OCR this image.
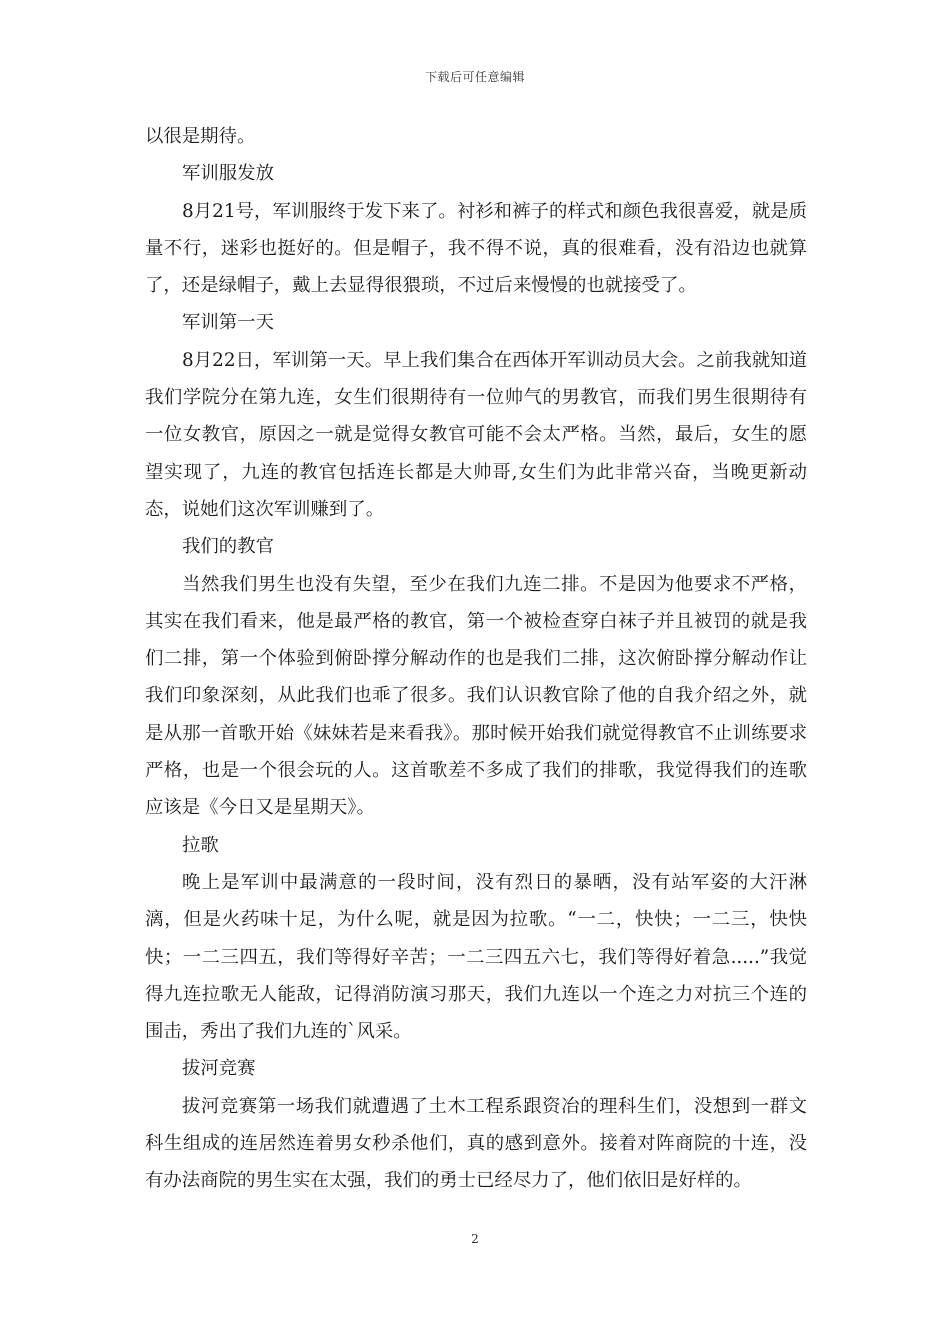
下载后可任意编辑

以很是期待。

军训服发放

8月21号，军训服终于发下来了。衬衫和裤子的样式和颜色我很喜爱，就是质量不行，迷彩也挺好的。但是帽子，我不得不说，真的很难看，没有沿边也就算了，还是绿帽子，戴上去显得很猥琐，不过后来慢慢的也就接受了。

军训第一天

8月22日，军训第一天。早上我们集合在西体开军训动员大会。之前我就知道我们学院分在第九连，女生们很期待有一位帅气的男教官，而我们男生很期待有一位女教官，原因之一就是觉得女教官可能不会太严格。当然，最后，女生的愿望实现了，九连的教官包括连长都是大帅哥,女生们为此非常兴奋，当晚更新动态，说她们这次军训赚到了。

我们的教官

当然我们男生也没有失望，至少在我们九连二排。不是因为他要求不严格，其实在我们看来，他是最严格的教官，第一个被检查穿白袜子并且被罚的就是我们二排，第一个体验到俯卧撑分解动作的也是我们二排，这次俯卧撑分解动作让我们印象深刻，从此我们也乖了很多。我们认识教官除了他的自我介绍之外，就是从那一首歌开始《妹妹若是来看我》。那时候开始我们就觉得教官不止训练要求严格，也是一个很会玩的人。这首歌差不多成了我们的排歌，我觉得我们的连歌应该是《今日又是星期天》。

拉歌

晚上是军训中最满意的一段时间，没有烈日的暴晒，没有站军姿的大汗淋漓，但是火药味十足，为什么呢，就是因为拉歌。“一二，快快；一二三，快快快；一二三四五，我们等得好辛苦；一二三四五六七，我们等得好着急.....”我觉得九连拉歌无人能敌，记得消防演习那天，我们九连以一个连之力对抗三个连的围击，秀出了我们九连的`风采。

拔河竞赛

拔河竞赛第一场我们就遭遇了土木工程系跟资冶的理科生们，没想到一群文科生组成的连居然连着男女秒杀他们，真的感到意外。接着对阵商院的十连，没有办法商院的男生实在太强，我们的勇士已经尽力了，他们依旧是好样的。

2
